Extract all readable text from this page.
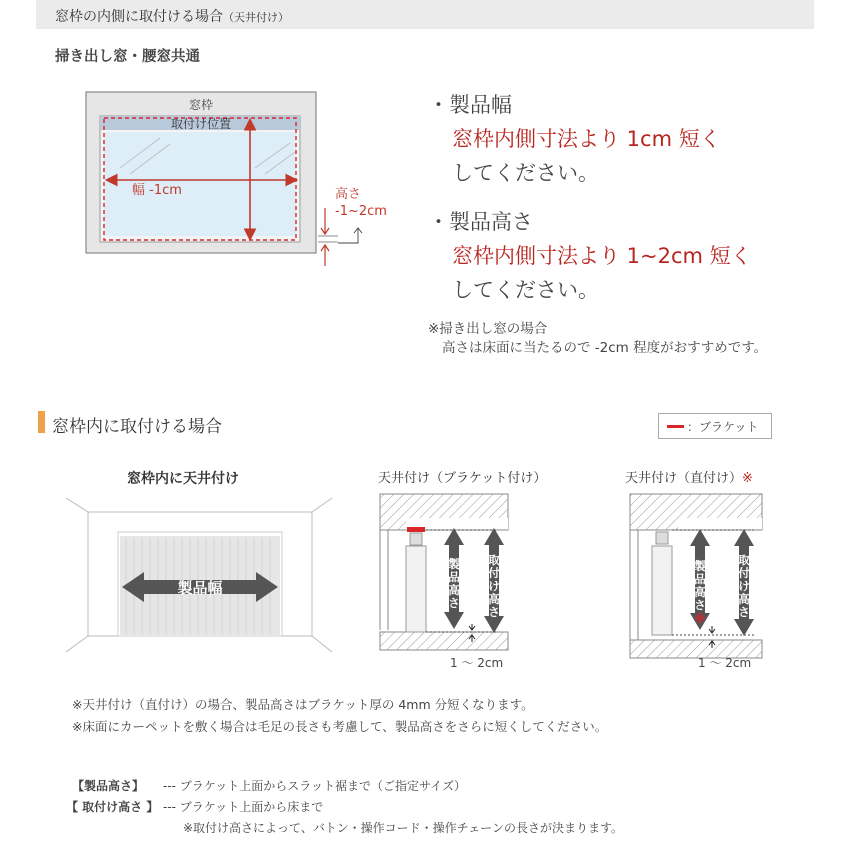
窓枠の内側に取付ける場合（天井付け）
掃き出し窓・腰窓共通
窓枠
取付け位置
幅 -1cm	高さ
-1~2cm
・製品幅
窓枠内側寸法より 1cm 短く
してください。
・製品高さ
窓枠内側寸法より 1~2cm 短く
してください。
※掃き出し窓の場合
高さは床面に当たるので -2cm 程度がおすすめです。
窓枠内に取付ける場合	：ブラケット
窓枠内に天井付け	天井付け（ブラケット付け）	天井付け（直付け）※
製品幅
製
品
高
さ
取
付
け
高
さ
1 ～ 2cm
製
品
高
さ
※
取
付
け
高
さ
1 ～ 2cm
※天井付け（直付け）の場合、製品高さはブラケット厚の 4mm 分短くなります。
※床面にカーペットを敷く場合は毛足の長さも考慮して、製品高さをさらに短くしてください。
【製品高さ】 --- ブラケット上面からスラット裾まで（ご指定サイズ）
【 取付け高さ 】 --- ブラケット上面から床まで
※取付け高さによって、バトン・操作コード・操作チェーンの長さが決まります。
